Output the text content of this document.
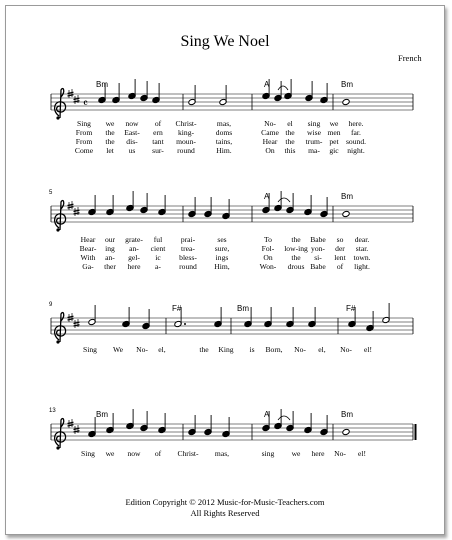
Sing We Noel
French
𝄴
Bm	A	Bm
Sing we now of Christ-	mas,	No- el sing we here.
From the East- ern king-	doms	Came the wise men far.
From the dis- tant moun-	tains,	Hear the trum- pet sound.
Come let us sur- round	Him.	On this ma- gic night.
5	A	Bm
Hear our grate- ful prai-	ses	To	the Babe so dear.
Bear- ing an- cient trea-	sure,	Fol- low-ing yon- der star.
With an- gel- ic bless- ings	On the si- lent town.
Ga- ther here a- round Him,	Won- drous Babe of light.
9	F#	Bm	F#
Sing We No- el,	the King is Born, No- el, No- el!
13	Bm	A	Bm
Sing we now of Christ- mas,	sing we here No- el!
Edition Copyright © 2012 Music-for-Music-Teachers.com
All Rights Reserved
